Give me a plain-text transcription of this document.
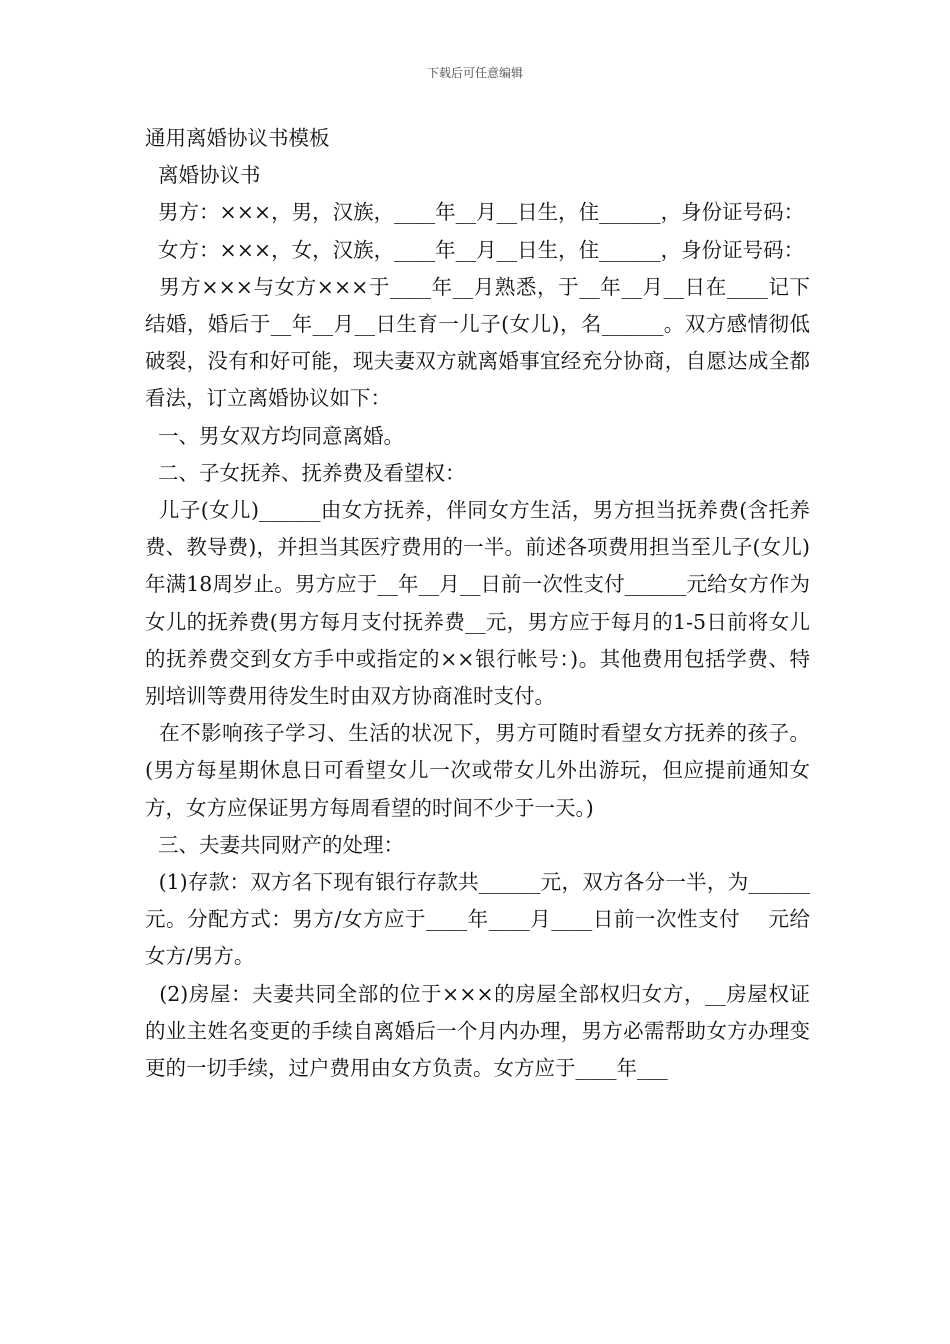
下载后可任意编辑

通用离婚协议书模板

离婚协议书

男方：×××，男，汉族，____年__月__日生，住______，身份证号码：

女方：×××，女，汉族，____年__月__日生，住______，身份证号码：

男方×××与女方×××于____年__月熟悉，于__年__月__日在____记下结婚，婚后于__年__月__日生育一儿子(女儿)，名______。双方感情彻低破裂，没有和好可能，现夫妻双方就离婚事宜经充分协商，自愿达成全都看法，订立离婚协议如下：

一、男女双方均同意离婚。

二、子女抚养、抚养费及看望权：

儿子(女儿)______由女方抚养，伴同女方生活，男方担当抚养费(含托养费、教导费)，并担当其医疗费用的一半。前述各项费用担当至儿子(女儿)年满18周岁止。男方应于__年__月__日前一次性支付______元给女方作为女儿的抚养费(男方每月支付抚养费__元，男方应于每月的1-5日前将女儿的抚养费交到女方手中或指定的××银行帐号：)。其他费用包括学费、特别培训等费用待发生时由双方协商准时支付。

在不影响孩子学习、生活的状况下，男方可随时看望女方抚养的孩子。(男方每星期休息日可看望女儿一次或带女儿外出游玩，但应提前通知女方，女方应保证男方每周看望的时间不少于一天。)

三、夫妻共同财产的处理：

(1)存款：双方名下现有银行存款共______元，双方各分一半，为______元。分配方式：男方/女方应于____年____月____日前一次性支付    元给女方/男方。

(2)房屋：夫妻共同全部的位于×××的房屋全部权归女方，__房屋权证的业主姓名变更的手续自离婚后一个月内办理，男方必需帮助女方办理变更的一切手续，过户费用由女方负责。女方应于____年___
